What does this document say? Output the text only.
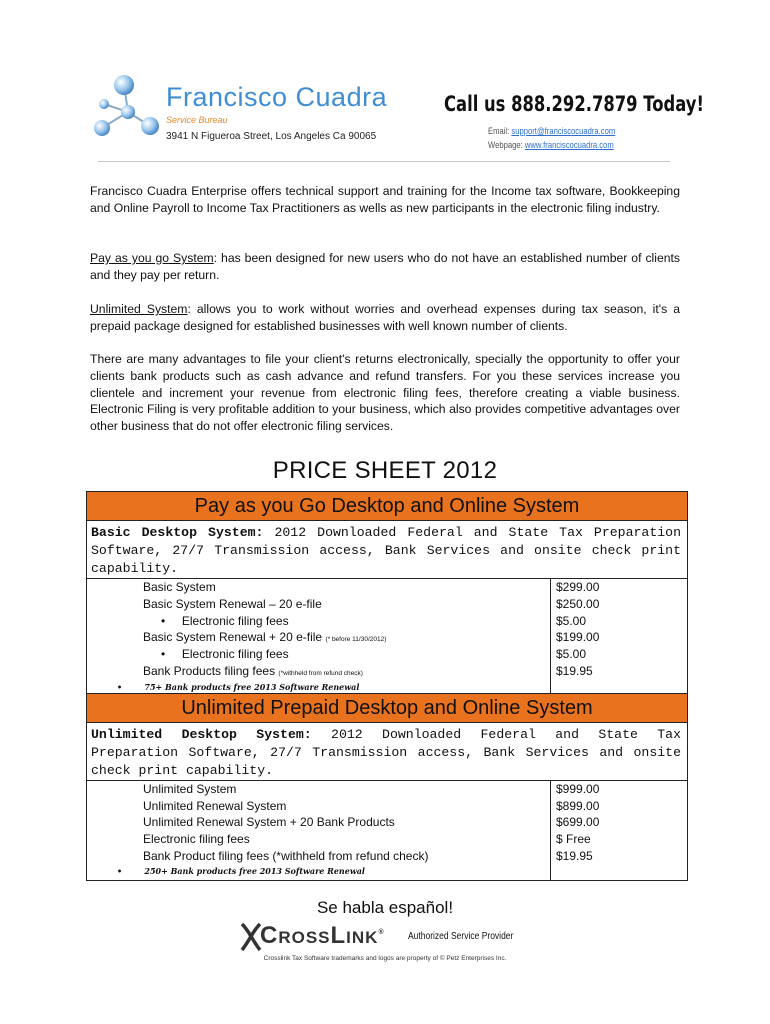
Francisco Cuadra
Service Bureau
3941 N Figueroa Street, Los Angeles Ca 90065
Call us 888.292.7879 Today!
Email: support@franciscocuadra.com
Webpage: www.franciscocuadra.com
Francisco Cuadra Enterprise offers technical support and training for the Income tax software, Bookkeeping and Online Payroll to Income Tax Practitioners as wells as new participants in the electronic filing industry.
Pay as you go System: has been designed for new users who do not have an established number of clients and they pay per return.
Unlimited System: allows you to work without worries and overhead expenses during tax season, it's a prepaid package designed for established businesses with well known number of clients.
There are many advantages to file your client's returns electronically, specially the opportunity to offer your clients bank products such as cash advance and refund transfers. For you these services increase you clientele and increment your revenue from electronic filing fees, therefore creating a viable business. Electronic Filing is very profitable addition to your business, which also provides competitive advantages over other business that do not offer electronic filing services.
PRICE SHEET 2012
Pay as you Go Desktop and Online System
Basic Desktop System: 2012 Downloaded Federal and State Tax Preparation Software, 27/7 Transmission access, Bank Services and onsite check print capability.
Basic System	$299.00
Basic System Renewal – 20 e-file	$250.00
•     Electronic filing fees	$5.00
Basic System Renewal + 20 e-file (* before 11/30/2012)	$199.00
•     Electronic filing fees	$5.00
Bank Products filing fees (*withheld from refund check)	$19.95
•        75+ Bank products free 2013 Software Renewal
Unlimited Prepaid Desktop and Online System
Unlimited Desktop System: 2012 Downloaded Federal and State Tax Preparation Software, 27/7 Transmission access, Bank Services and onsite check print capability.
Unlimited System	$999.00
Unlimited Renewal System	$899.00
Unlimited Renewal System + 20 Bank Products	$699.00
Electronic filing fees	$ Free
Bank Product filing fees (*withheld from refund check)	$19.95
•        250+ Bank products free 2013 Software Renewal
Se habla español!
CrossLink® Authorized Service Provider
Crosslink Tax Software trademarks and logos are property of © Petz Enterprises Inc.
